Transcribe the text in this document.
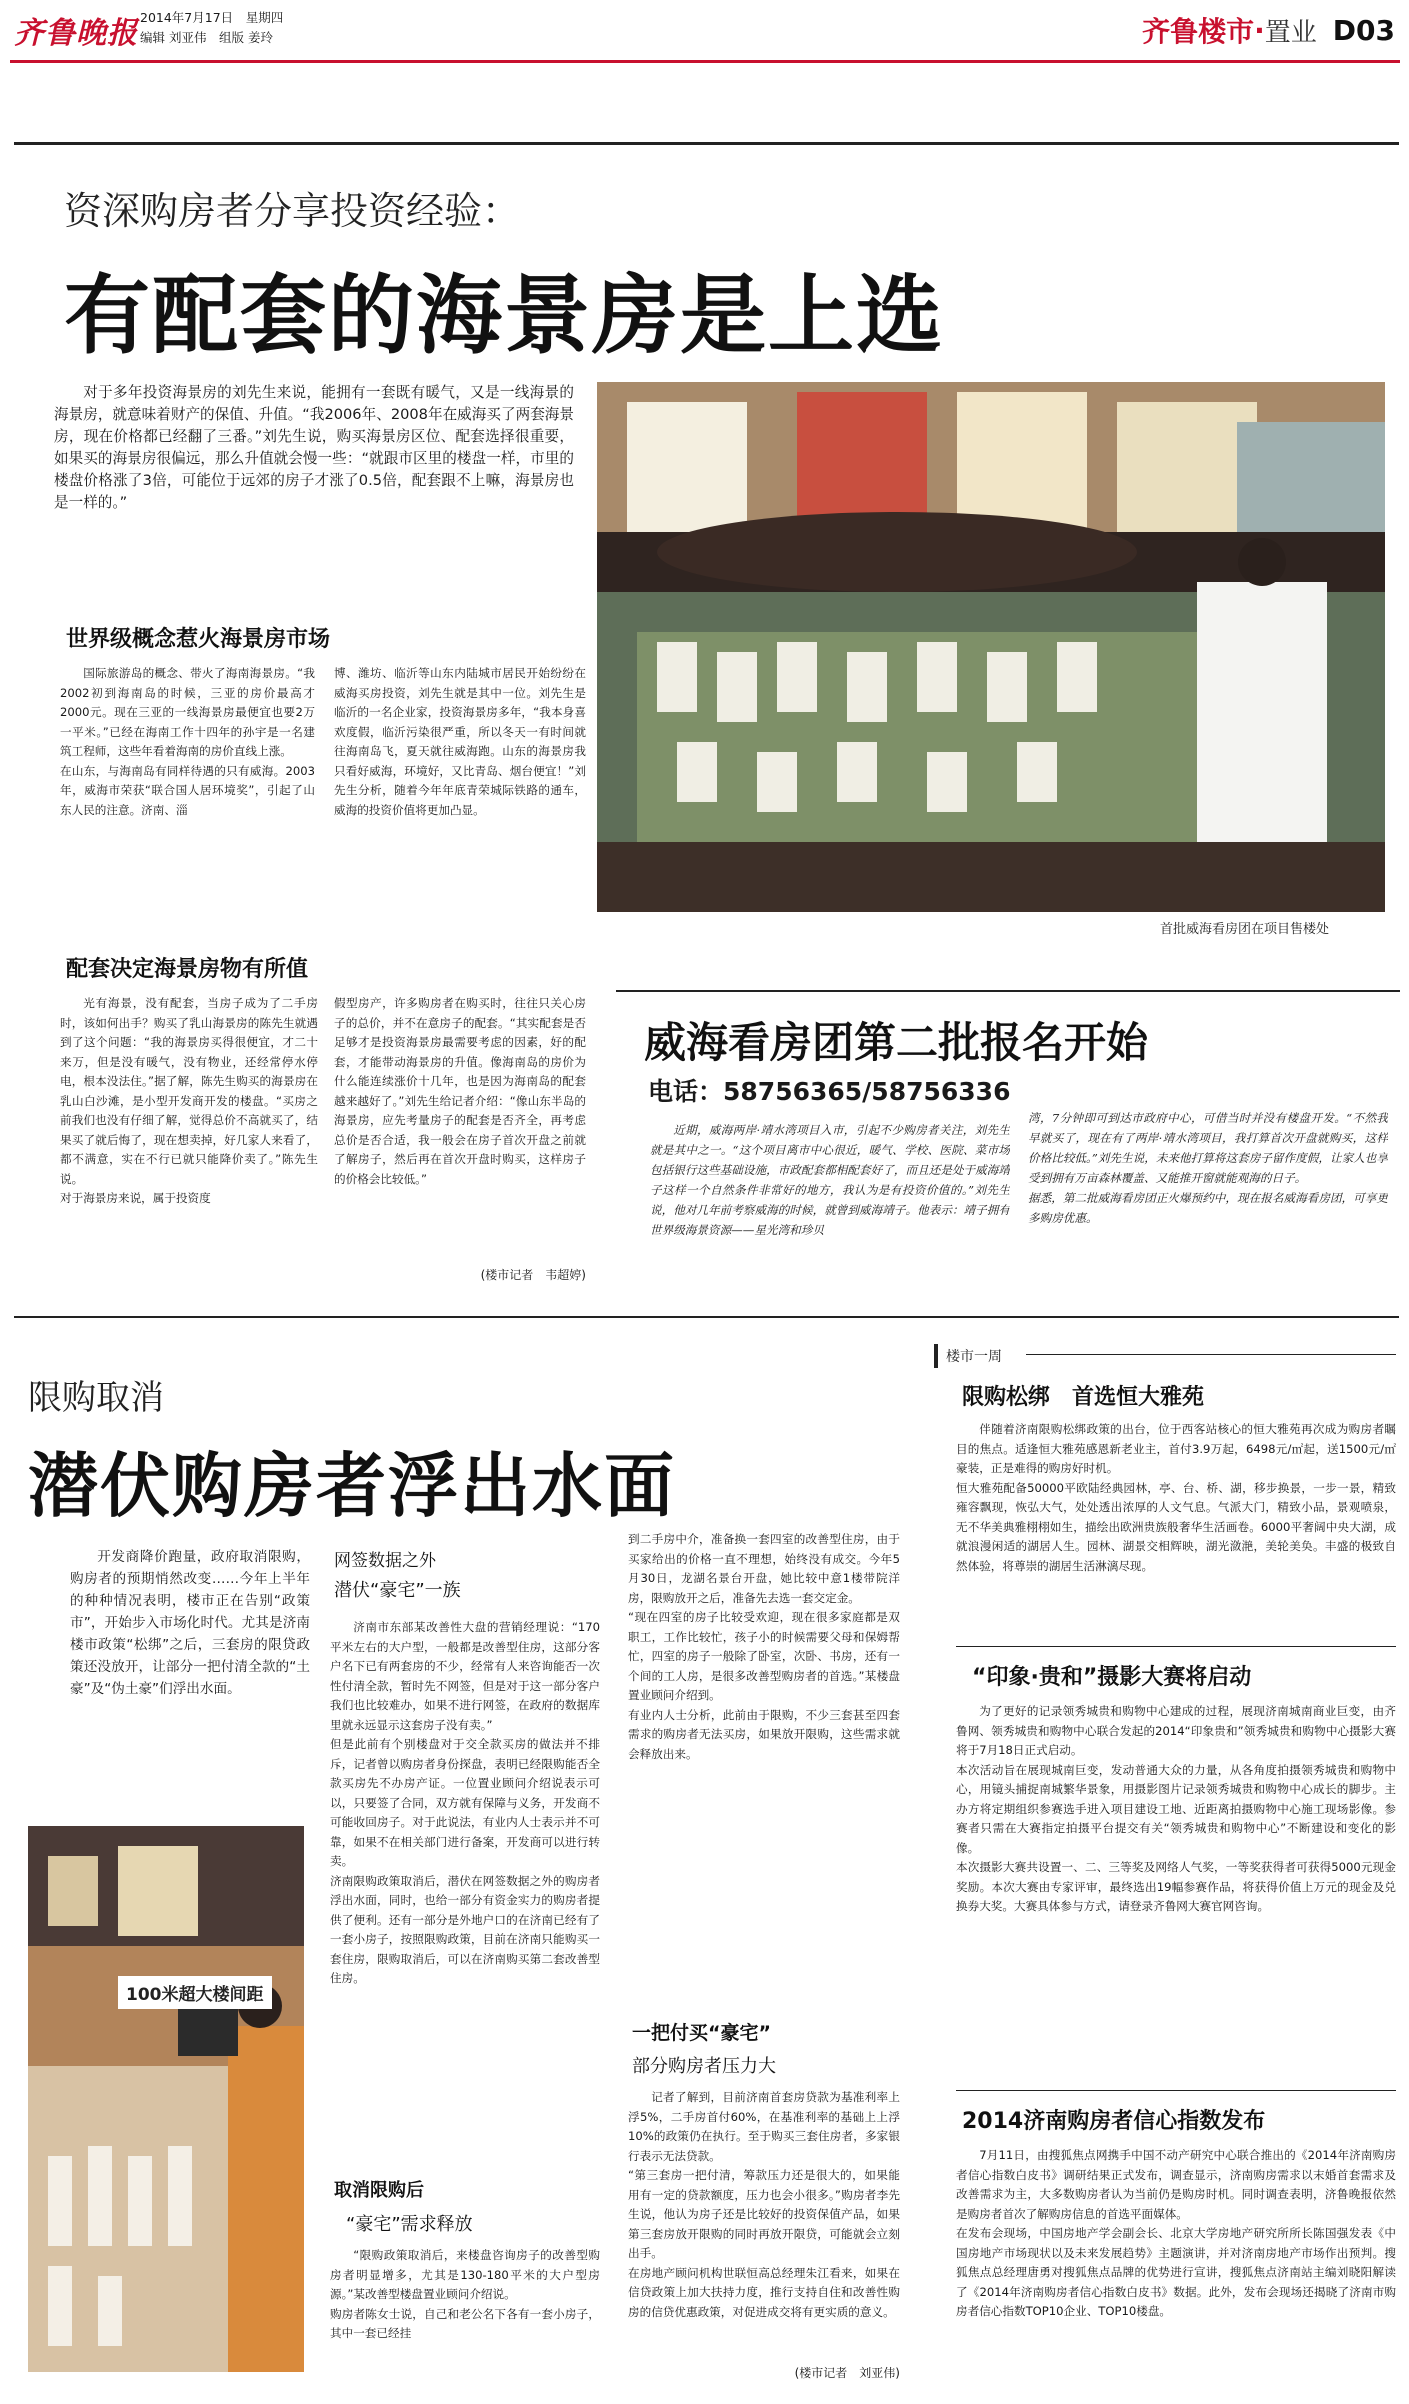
齐鲁晚报 2014年7月17日　 星期四
编辑 刘亚伟　 组版 姜玲	齐鲁楼市 · 置业 D03
资深购房者分享投资经验：
有配套的海景房是上选
对于多年投资海景房的刘先生来说，能拥有一套既有暖气，又是一线海景的海景房，就意味着财产的保值、升值。“我2006年、2008年在威海买了两套海景房，现在价格都已经翻了三番。”刘先生说，购买海景房区位、配套选择很重要，如果买的海景房很偏远，那么升值就会慢一些：“就跟市区里的楼盘一样，市里的楼盘价格涨了3倍，可能位于远郊的房子才涨了0.5倍，配套跟不上嘛，海景房也是一样的。”
首批威海看房团在项目售楼处
世界级概念惹火海景房市场
国际旅游岛的概念、带火了海南海景房。“我2002初到海南岛的时候，三亚的房价最高才2000元。现在三亚的一线海景房最便宜也要2万一平米。”已经在海南工作十四年的孙宇是一名建筑工程师，这些年看着海南的房价直线上涨。
在山东，与海南岛有同样待遇的只有威海。2003年，威海市荣获“联合国人居环境奖”，引起了山东人民的注意。济南、淄
博、潍坊、临沂等山东内陆城市居民开始纷纷在威海买房投资，刘先生就是其中一位。刘先生是临沂的一名企业家，投资海景房多年，“我本身喜欢度假，临沂污染很严重，所以冬天一有时间就往海南岛飞，夏天就往威海跑。山东的海景房我只看好威海，环境好，又比青岛、烟台便宜！”刘先生分析，随着今年年底青荣城际铁路的通车，威海的投资价值将更加凸显。
配套决定海景房物有所值
光有海景，没有配套，当房子成为了二手房时，该如何出手？购买了乳山海景房的陈先生就遇到了这个问题：“我的海景房买得很便宜，才二十来万，但是没有暖气，没有物业，还经常停水停电，根本没法住。”据了解，陈先生购买的海景房在乳山白沙滩，是小型开发商开发的楼盘。“买房之前我们也没有仔细了解，觉得总价不高就买了，结果买了就后悔了，现在想卖掉，好几家人来看了，都不满意，实在不行已就只能降价卖了。”陈先生说。
对于海景房来说，属于投资度
假型房产，许多购房者在购买时，往往只关心房子的总价，并不在意房子的配套。“其实配套是否足够才是投资海景房最需要考虑的因素，好的配套，才能带动海景房的升值。像海南岛的房价为什么能连续涨价十几年，也是因为海南岛的配套越来越好了。”刘先生给记者介绍：“像山东半岛的海景房，应先考量房子的配套是否齐全，再考虑总价是否合适，我一般会在房子首次开盘之前就了解房子，然后再在首次开盘时购买，这样房子的价格会比较低。”
(楼市记者　韦超婷)
威海看房团第二批报名开始
电话：58756365/58756336
近期，威海两岸·靖水湾项目入市，引起不少购房者关注，刘先生就是其中之一。“这个项目离市中心很近，暖气、学校、医院、菜市场包括银行这些基础设施，市政配套都相配套好了，而且还是处于威海靖子这样一个自然条件非常好的地方，我认为是有投资价值的。”刘先生说，他对几年前考察威海的时候，就曾到威海靖子。他表示：靖子拥有世界级海景资源——星光湾和珍贝
湾，7分钟即可到达市政府中心，可借当时并没有楼盘开发。“不然我早就买了，现在有了两岸·靖水湾项目，我打算首次开盘就购买，这样价格比较低。”刘先生说，未来他打算将这套房子留作度假，让家人也享受到拥有万亩森林覆盖、又能推开窗就能观海的日子。
据悉，第二批威海看房团正火爆预约中，现在报名威海看房团，可享更多购房优惠。
限购取消
潜伏购房者浮出水面
开发商降价跑量，政府取消限购，购房者的预期悄然改变……今年上半年的种种情况表明，楼市正在告别“政策市”，开始步入市场化时代。尤其是济南楼市政策“松绑”之后，三套房的限贷政策还没放开，让部分一把付清全款的“土豪”及“伪土豪”们浮出水面。
100米超大楼间距
网签数据之外
潜伏“豪宅”一族
济南市东部某改善性大盘的营销经理说：“170平米左右的大户型，一般都是改善型住房，这部分客户名下已有两套房的不少，经常有人来咨询能否一次性付清全款，暂时先不网签，但是对于这一部分客户我们也比较难办，如果不进行网签，在政府的数据库里就永远显示这套房子没有卖。”
但是此前有个别楼盘对于交全款买房的做法并不排斥，记者曾以购房者身份探盘，表明已经限购能否全款买房先不办房产证。一位置业顾问介绍说表示可以，只要签了合同，双方就有保障与义务，开发商不可能收回房子。对于此说法，有业内人士表示并不可靠，如果不在相关部门进行备案，开发商可以进行转卖。
济南限购政策取消后，潜伏在网签数据之外的购房者浮出水面，同时，也给一部分有资金实力的购房者提供了便利。还有一部分是外地户口的在济南已经有了一套小房子，按照限购政策，目前在济南只能购买一套住房，限购取消后，可以在济南购买第二套改善型住房。
取消限购后
“豪宅”需求释放
“限购政策取消后，来楼盘咨询房子的改善型购房者明显增多，尤其是130-180平米的大户型房源。”某改善型楼盘置业顾问介绍说。
购房者陈女士说，自己和老公名下各有一套小房子，其中一套已经挂
到二手房中介，准备换一套四室的改善型住房，由于买家给出的价格一直不理想，始终没有成交。今年5月30日，龙湖名景台开盘，她比较中意1楼带院洋房，限购放开之后，准备先去选一套交定金。
“现在四室的房子比较受欢迎，现在很多家庭都是双职工，工作比较忙，孩子小的时候需要父母和保姆帮忙，四室的房子一般除了卧室，次卧、书房，还有一个间的工人房，是很多改善型购房者的首选。”某楼盘置业顾问介绍到。
有业内人士分析，此前由于限购，不少三套甚至四套需求的购房者无法买房，如果放开限购，这些需求就会释放出来。
一把付买“豪宅”
部分购房者压力大
记者了解到，目前济南首套房贷款为基准利率上浮5%，二手房首付60%，在基准利率的基础上上浮10%的政策仍在执行。至于购买三套住房者，多家银行表示无法贷款。
“第三套房一把付清，筹款压力还是很大的，如果能用有一定的贷款额度，压力也会小很多。”购房者李先生说，他认为房子还是比较好的投资保值产品，如果第三套房放开限购的同时再放开限贷，可能就会立刻出手。
在房地产顾问机构世联恒高总经理朱江看来，如果在信贷政策上加大扶持力度，推行支持自住和改善性购房的信贷优惠政策，对促进成交将有更实质的意义。
(楼市记者　刘亚伟)
楼市一周
限购松绑　首选恒大雅苑
伴随着济南限购松绑政策的出台，位于西客站核心的恒大雅苑再次成为购房者瞩目的焦点。适逢恒大雅苑感恩新老业主，首付3.9万起，6498元/㎡起，送1500元/㎡豪装，正是难得的购房好时机。
恒大雅苑配备50000平欧陆经典园林，亭、台、桥、湖，移步换景，一步一景，精致雍容飘现，恢弘大气，处处透出浓厚的人文气息。气派大门，精致小品，景观喷泉，无不华美典雅栩栩如生，描绘出欧洲贵族般奢华生活画卷。6000平奢阔中央大湖，成就浪漫闲适的湖居人生。园林、湖景交相辉映，湖光潋滟，美轮美奂。丰盛的极致自然体验，将尊崇的湖居生活淋漓尽现。
“印象·贵和”摄影大赛将启动
为了更好的记录领秀城贵和购物中心建成的过程，展现济南城南商业巨变，由齐鲁网、领秀城贵和购物中心联合发起的2014“印象贵和”领秀城贵和购物中心摄影大赛将于7月18日正式启动。
本次活动旨在展现城南巨变，发动普通大众的力量，从各角度拍摄领秀城贵和购物中心，用镜头捕捉南城繁华景象，用摄影图片记录领秀城贵和购物中心成长的脚步。主办方将定期组织参赛选手进入项目建设工地、近距离拍摄购物中心施工现场影像。参赛者只需在大赛指定拍摄平台提交有关“领秀城贵和购物中心”不断建设和变化的影像。
本次摄影大赛共设置一、二、三等奖及网络人气奖，一等奖获得者可获得5000元现金奖励。本次大赛由专家评审，最终选出19幅参赛作品，将获得价值上万元的现金及兑换券大奖。大赛具体参与方式，请登录齐鲁网大赛官网咨询。
2014济南购房者信心指数发布
7月11日，由搜狐焦点网携手中国不动产研究中心联合推出的《2014年济南购房者信心指数白皮书》调研结果正式发布，调查显示，济南购房需求以末婚首套需求及改善需求为主，大多数购房者认为当前仍是购房时机。同时调查表明，济鲁晚报依然是购房者首次了解购房信息的首选平面媒体。
在发布会现场，中国房地产学会副会长、北京大学房地产研究所所长陈国强发表《中国房地产市场现状以及未来发展趋势》主题演讲，并对济南房地产市场作出预判。搜狐焦点总经理唐勇对搜狐焦点品牌的优势进行宣讲，搜狐焦点济南站主编刘晓阳解读了《2014年济南购房者信心指数白皮书》数据。此外，发布会现场还揭晓了济南市购房者信心指数TOP10企业、TOP10楼盘。
